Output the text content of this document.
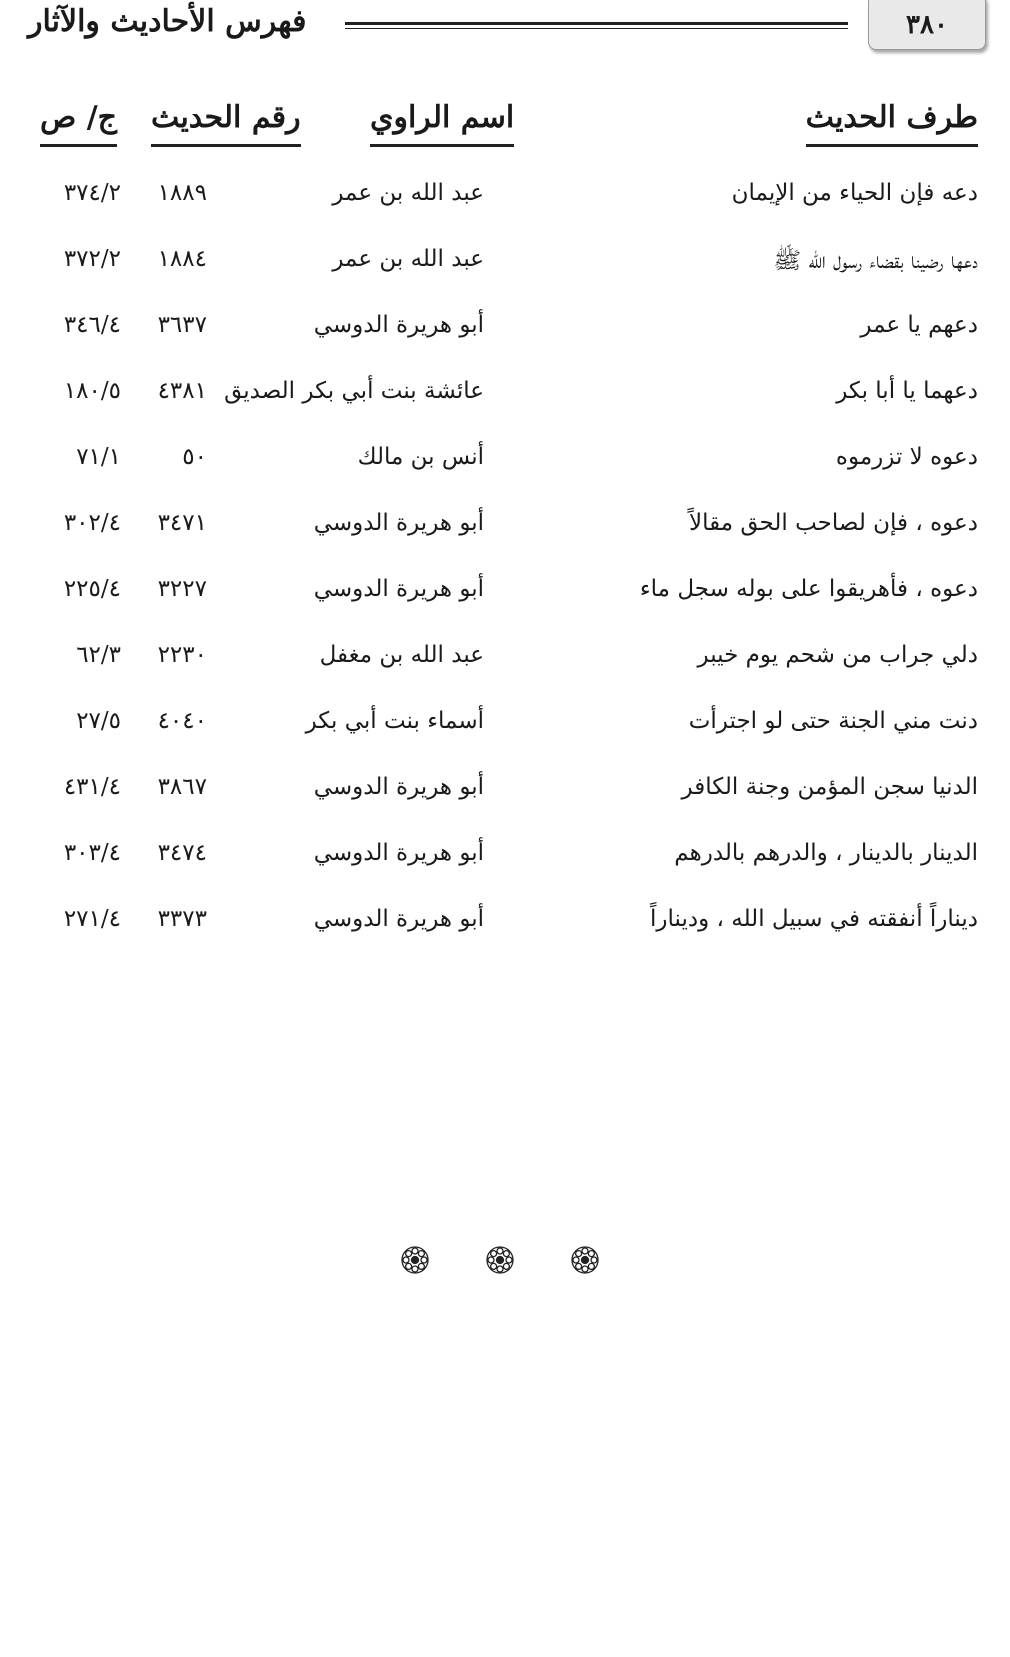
٣٨٠
فهرس الأحاديث والآثار
طرف الحديث
اسم الراوي
رقم الحديث
ج/ ص
دعه فإن الحياء من الإيمان
عبد الله بن عمر
١٨٨٩
٣٧٤/٢
دعها رضينا بقضاء رسول الله ﷺ
عبد الله بن عمر
١٨٨٤
٣٧٢/٢
دعهم يا عمر
أبو هريرة الدوسي
٣٦٣٧
٣٤٦/٤
دعهما يا أبا بكر
عائشة بنت أبي بكر الصديق
٤٣٨١
١٨٠/٥
دعوه لا تزرموه
أنس بن مالك
٥٠
٧١/١
دعوه ، فإن لصاحب الحق مقالاً
أبو هريرة الدوسي
٣٤٧١
٣٠٢/٤
دعوه ، فأهريقوا على بوله سجل ماء
أبو هريرة الدوسي
٣٢٢٧
٢٢٥/٤
دلي جراب من شحم يوم خيبر
عبد الله بن مغفل
٢٢٣٠
٦٢/٣
دنت مني الجنة حتى لو اجترأت
أسماء بنت أبي بكر
٤٠٤٠
٢٧/٥
الدنيا سجن المؤمن وجنة الكافر
أبو هريرة الدوسي
٣٨٦٧
٤٣١/٤
الدينار بالدينار ، والدرهم بالدرهم
أبو هريرة الدوسي
٣٤٧٤
٣٠٣/٤
ديناراً أنفقته في سبيل الله ، وديناراً
أبو هريرة الدوسي
٣٣٧٣
٢٧١/٤
